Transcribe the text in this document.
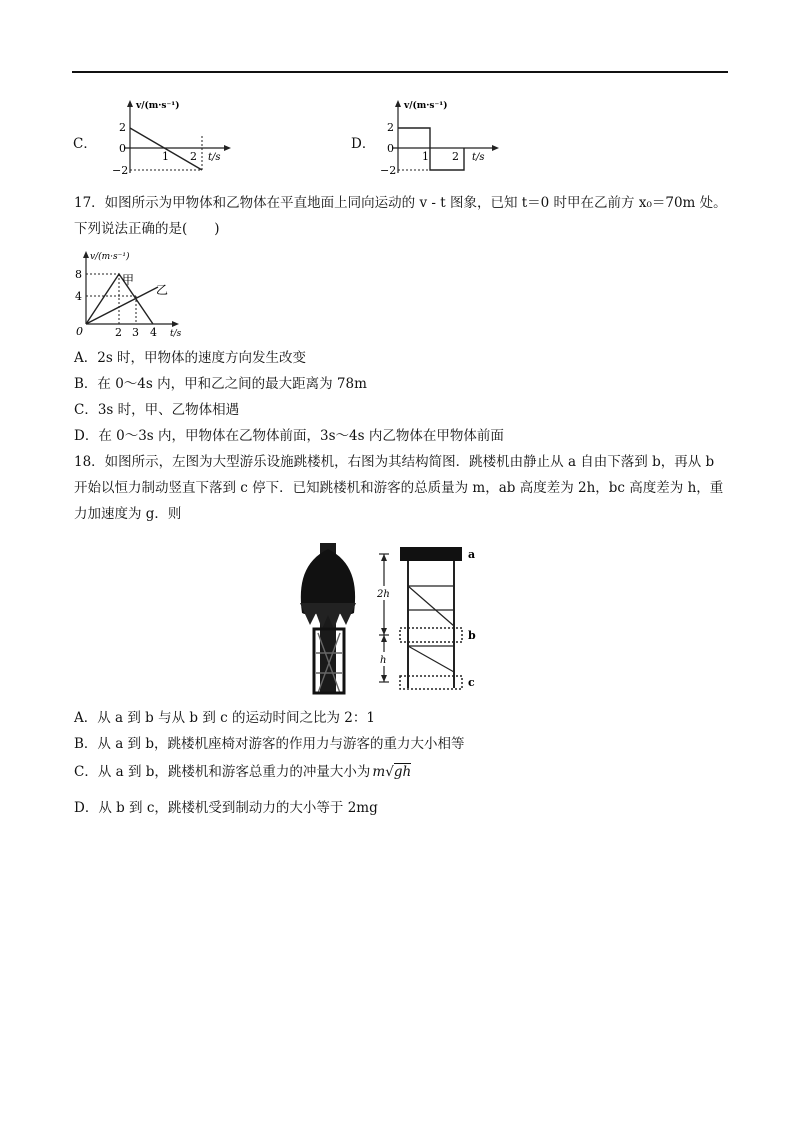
C．
v/(m·s⁻¹)
2
0
−2
1 2 t/s
D．
v/(m·s⁻¹)
2
0
−2
1 2 t/s
17．如图所示为甲物体和乙物体在平直地面上同向运动的 v - t 图象，已知 t＝0 时甲在乙前方 x₀＝70m 处。
下列说法正确的是(　　)
v/(m·s⁻¹)
8
4
0	2 3 4 t/s
甲
乙
A．2s 时，甲物体的速度方向发生改变
B．在 0～4s 内，甲和乙之间的最大距离为 78m
C．3s 时，甲、乙物体相遇
D．在 0～3s 内，甲物体在乙物体前面，3s～4s 内乙物体在甲物体前面
18．如图所示，左图为大型游乐设施跳楼机，右图为其结构简图．跳楼机由静止从 a 自由下落到 b，再从 b
开始以恒力制动竖直下落到 c 停下．已知跳楼机和游客的总质量为 m，ab 高度差为 2h，bc 高度差为 h，重
力加速度为 g．则
2h
h
a
b
c
A．从 a 到 b 与从 b 到 c 的运动时间之比为 2：1
B．从 a 到 b，跳楼机座椅对游客的作用力与游客的重力大小相等
C．从 a 到 b，跳楼机和游客总重力的冲量大小为 m√gh
D．从 b 到 c，跳楼机受到制动力的大小等于 2mg
